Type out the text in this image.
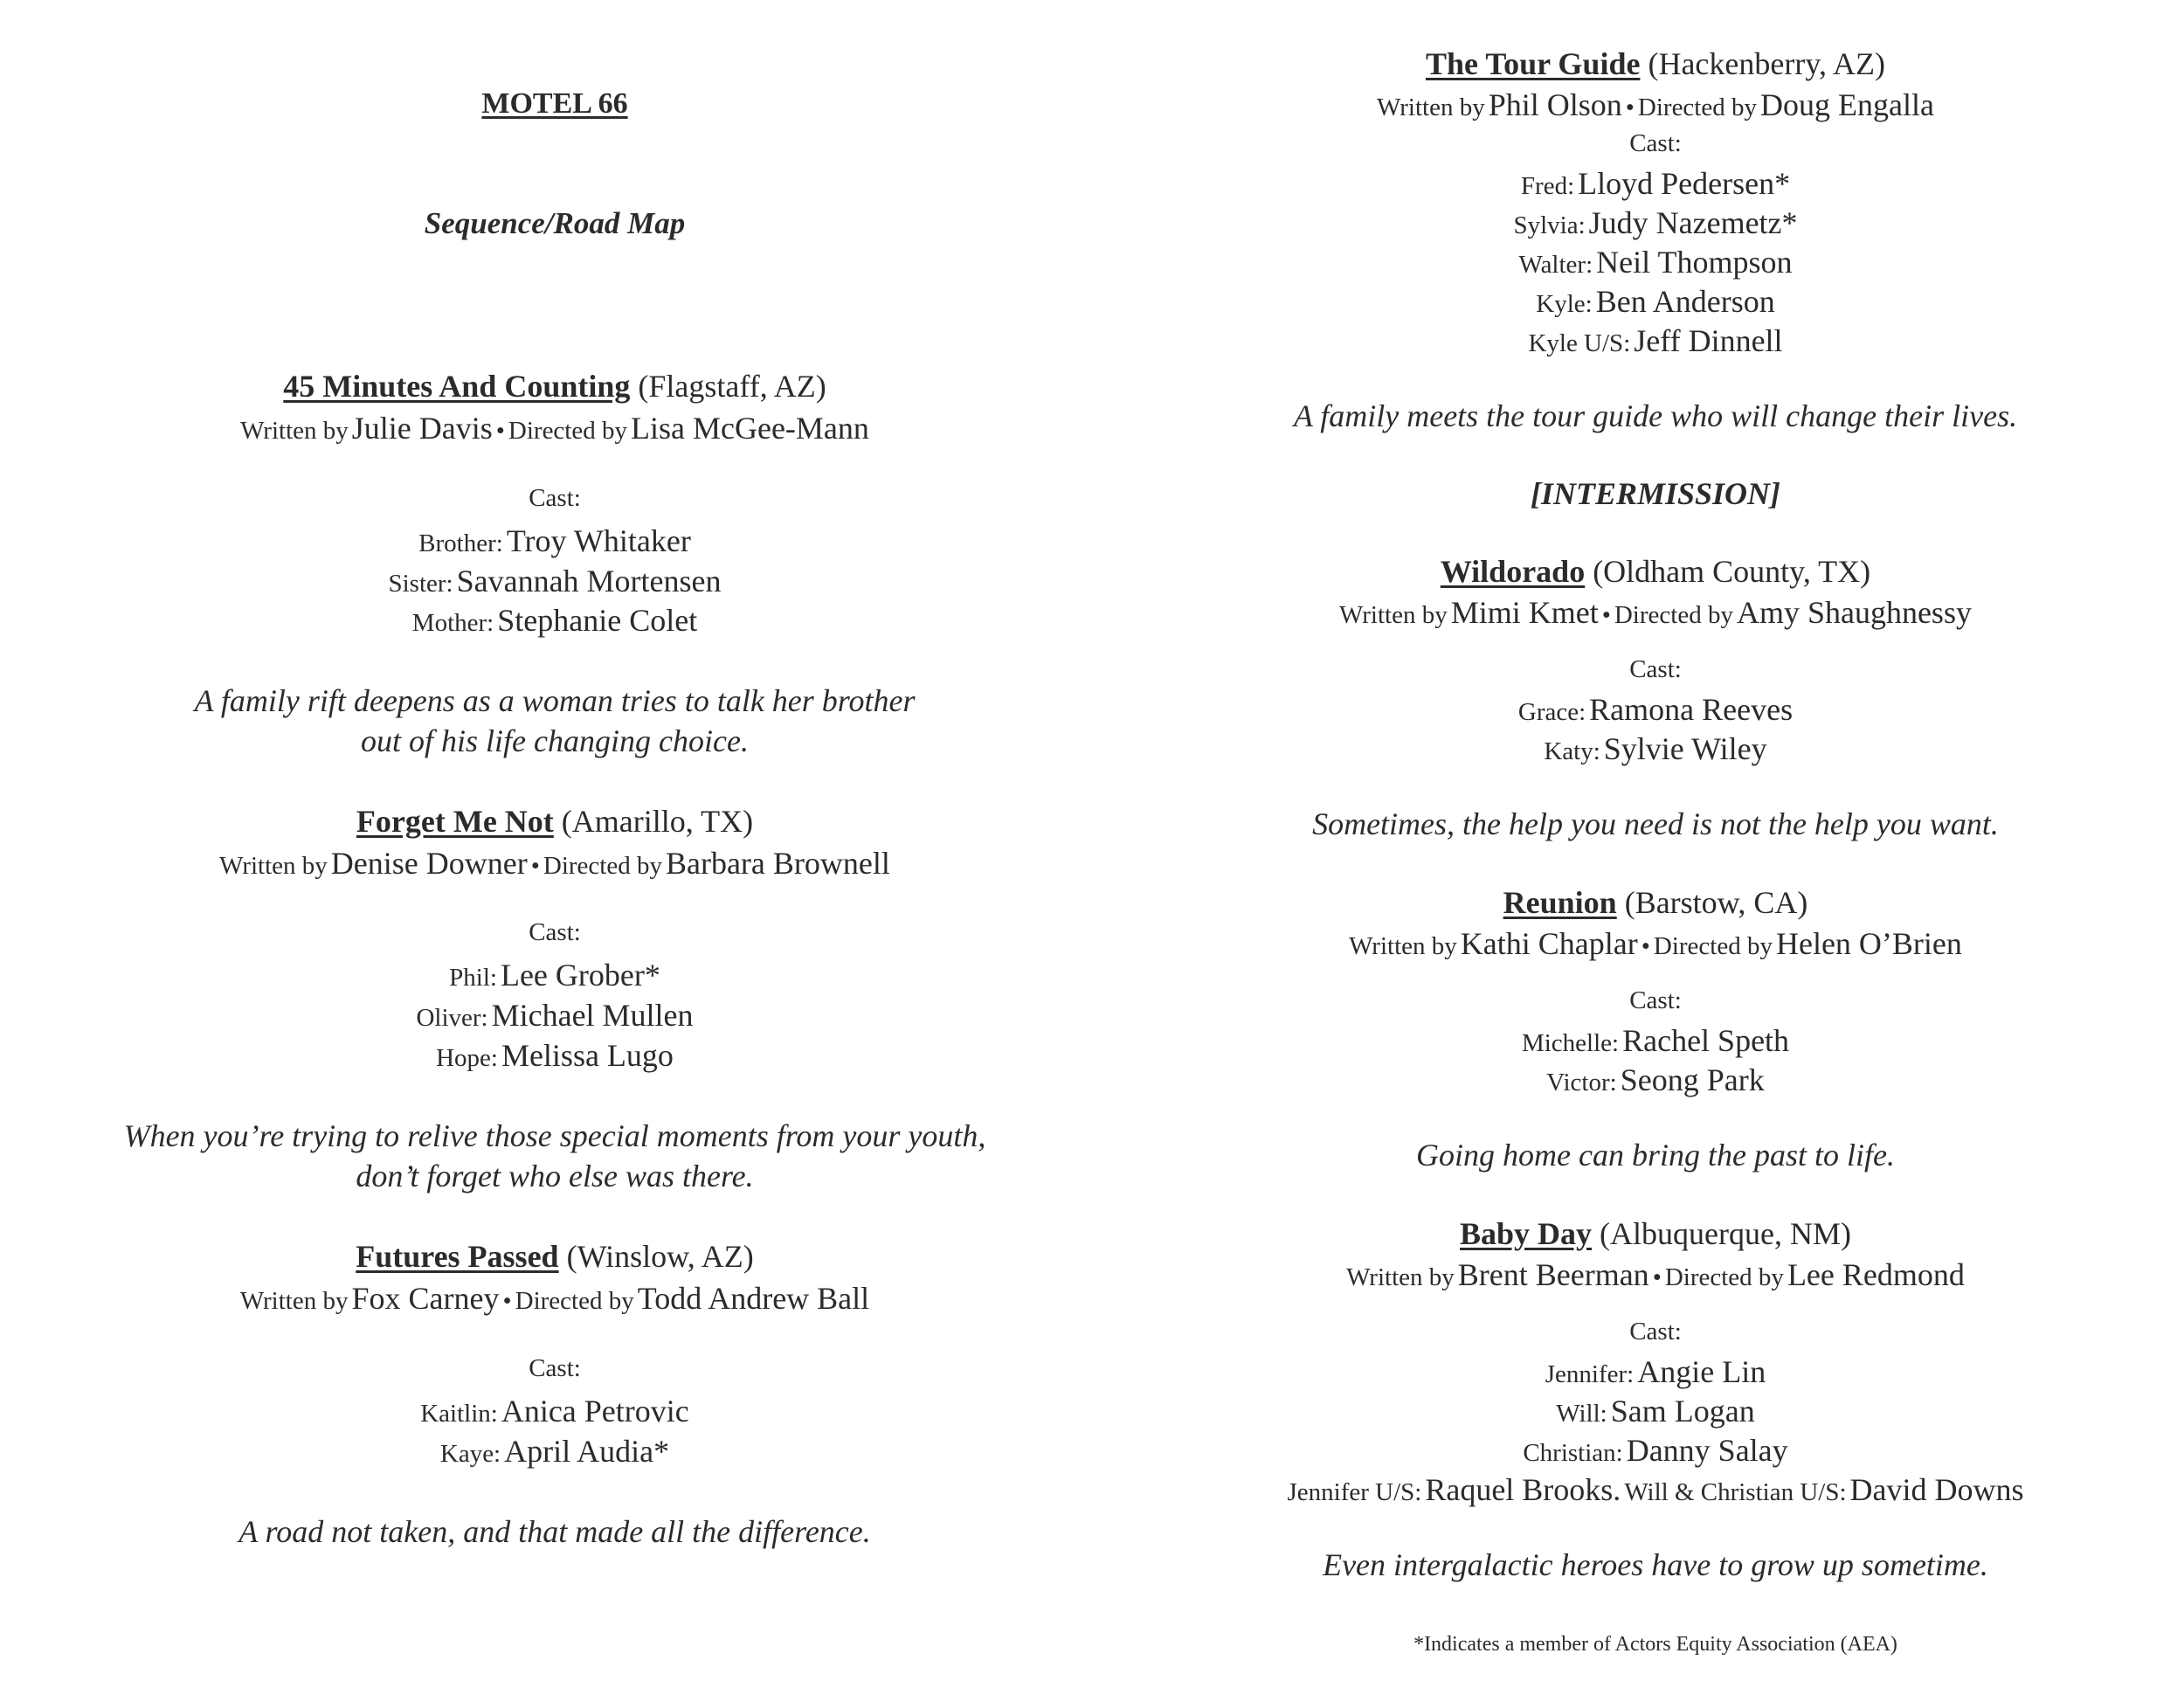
MOTEL 66
Sequence/Road Map
45 Minutes And Counting (Flagstaff, AZ)
Written by Julie Davis • Directed by Lisa McGee-Mann
Cast:
Brother: Troy Whitaker
Sister: Savannah Mortensen
Mother: Stephanie Colet
A family rift deepens as a woman tries to talk her brother
out of his life changing choice.
Forget Me Not (Amarillo, TX)
Written by Denise Downer • Directed by Barbara Brownell
Cast:
Phil: Lee Grober*
Oliver: Michael Mullen
Hope: Melissa Lugo
When you’re trying to relive those special moments from your youth,
don’t forget who else was there.
Futures Passed (Winslow, AZ)
Written by Fox Carney • Directed by Todd Andrew Ball
Cast:
Kaitlin: Anica Petrovic
Kaye: April Audia*
A road not taken, and that made all the difference.
The Tour Guide (Hackenberry, AZ)
Written by Phil Olson • Directed by Doug Engalla
Cast:
Fred: Lloyd Pedersen*
Sylvia: Judy Nazemetz*
Walter: Neil Thompson
Kyle: Ben Anderson
Kyle U/S: Jeff Dinnell
A family meets the tour guide who will change their lives.
[INTERMISSION]
Wildorado (Oldham County, TX)
Written by Mimi Kmet • Directed by Amy Shaughnessy
Cast:
Grace: Ramona Reeves
Katy: Sylvie Wiley
Sometimes, the help you need is not the help you want.
Reunion (Barstow, CA)
Written by Kathi Chaplar • Directed by Helen O’Brien
Cast:
Michelle: Rachel Speth
Victor: Seong Park
Going home can bring the past to life.
Baby Day (Albuquerque, NM)
Written by Brent Beerman • Directed by Lee Redmond
Cast:
Jennifer: Angie Lin
Will: Sam Logan
Christian: Danny Salay
Jennifer U/S: Raquel Brooks. Will & Christian U/S: David Downs
Even intergalactic heroes have to grow up sometime.
*Indicates a member of Actors Equity Association (AEA)
